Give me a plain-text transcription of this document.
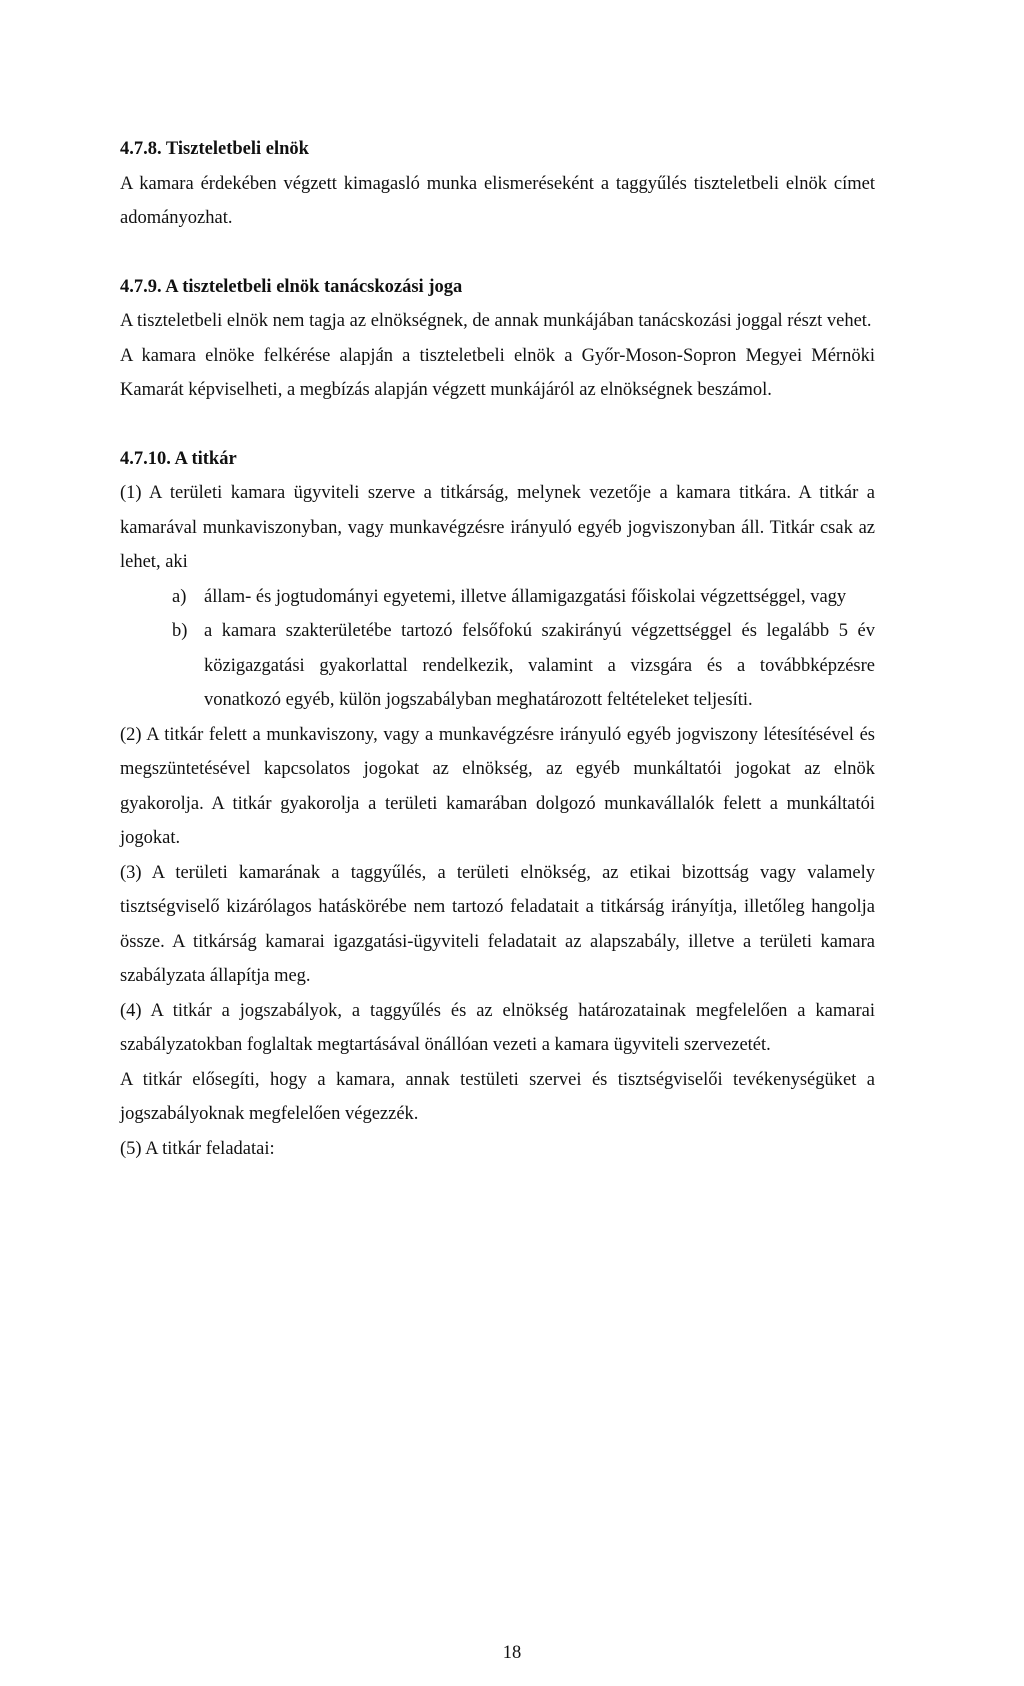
4.7.8. Tiszteletbeli elnök

A kamara érdekében végzett kimagasló munka elismeréseként a taggyűlés tiszteletbeli elnök címet adományozhat.

4.7.9. A tiszteletbeli elnök tanácskozási joga

A tiszteletbeli elnök nem tagja az elnökségnek, de annak munkájában tanácskozási joggal részt vehet.

A kamara elnöke felkérése alapján a tiszteletbeli elnök a Győr-Moson-Sopron Megyei Mérnöki Kamarát képviselheti, a megbízás alapján végzett munkájáról az elnökségnek beszámol.

4.7.10. A titkár

(1) A területi kamara ügyviteli szerve a titkárság, melynek vezetője a kamara titkára. A titkár a kamarával munkaviszonyban, vagy munkavégzésre irányuló egyéb jogviszonyban áll. Titkár csak az lehet, aki

a) állam- és jogtudományi egyetemi, illetve államigazgatási főiskolai végzettséggel, vagy
b) a kamara szakterületébe tartozó felsőfokú szakirányú végzettséggel és legalább 5 év közigazgatási gyakorlattal rendelkezik, valamint a vizsgára és a továbbképzésre vonatkozó egyéb, külön jogszabályban meghatározott feltételeket teljesíti.

(2) A titkár felett a munkaviszony, vagy a munkavégzésre irányuló egyéb jogviszony létesítésével és megszüntetésével kapcsolatos jogokat az elnökség, az egyéb munkáltatói jogokat az elnök gyakorolja. A titkár gyakorolja a területi kamarában dolgozó munkavállalók felett a munkáltatói jogokat.

(3) A területi kamarának a taggyűlés, a területi elnökség, az etikai bizottság vagy valamely tisztségviselő kizárólagos hatáskörébe nem tartozó feladatait a titkárság irányítja, illetőleg hangolja össze. A titkárság kamarai igazgatási-ügyviteli feladatait az alapszabály, illetve a területi kamara szabályzata állapítja meg.

(4) A titkár a jogszabályok, a taggyűlés és az elnökség határozatainak megfelelően a kamarai szabályzatokban foglaltak megtartásával önállóan vezeti a kamara ügyviteli szervezetét.

A titkár elősegíti, hogy a kamara, annak testületi szervei és tisztségviselői tevékenységüket a jogszabályoknak megfelelően végezzék.

(5) A titkár feladatai:

18
